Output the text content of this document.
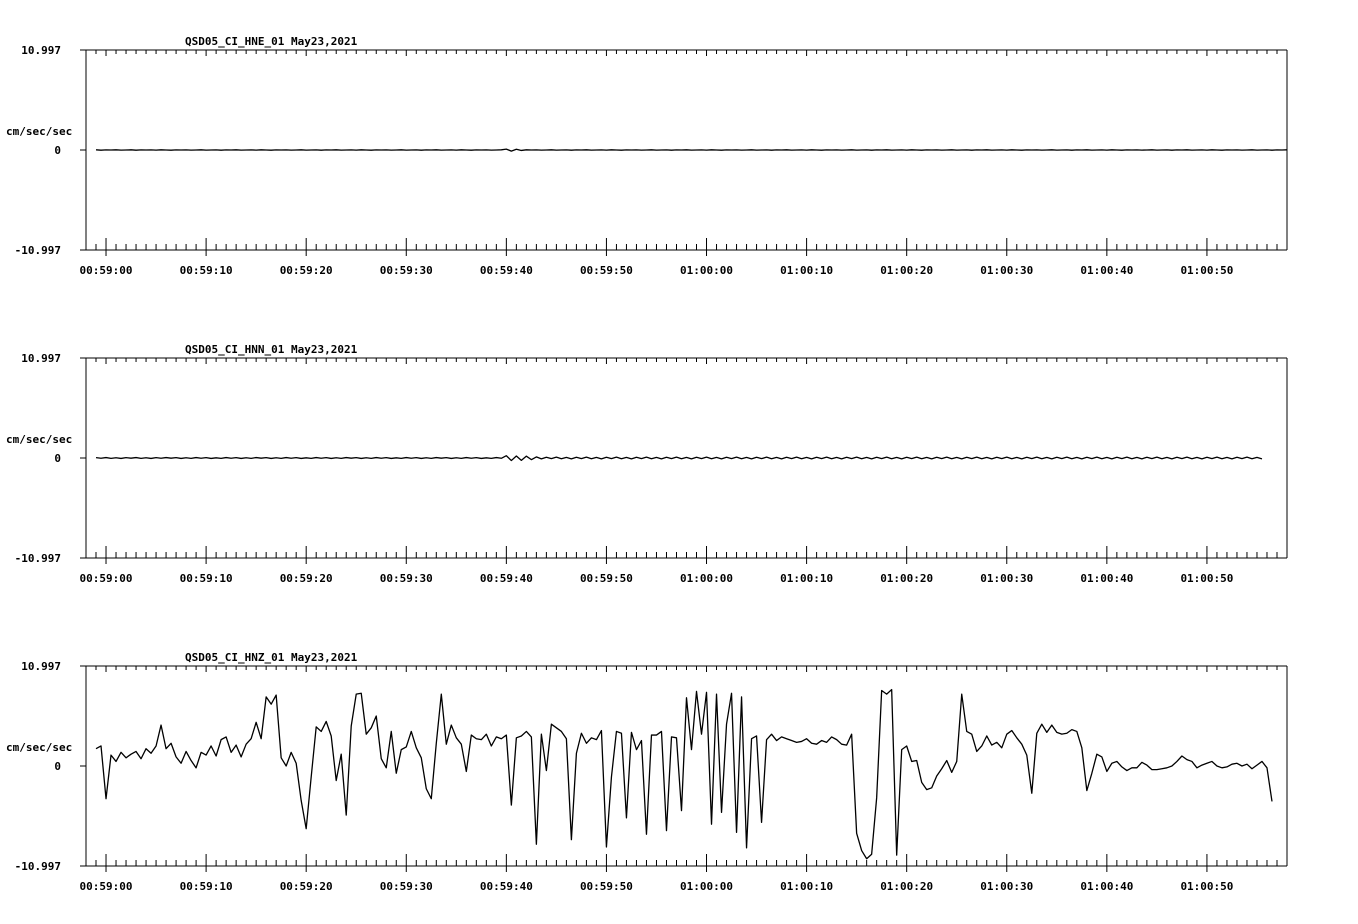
00:59:00	00:59:10	00:59:20	00:59:30	00:59:40	00:59:50	01:00:00	01:00:10	01:00:20	01:00:30	01:00:40	01:00:50
10.997
0
-10.997
cm/sec/sec
QSD05_CI_HNE_01 May23,2021
00:59:00	00:59:10	00:59:20	00:59:30	00:59:40	00:59:50	01:00:00	01:00:10	01:00:20	01:00:30	01:00:40	01:00:50
10.997
0
-10.997
cm/sec/sec
QSD05_CI_HNN_01 May23,2021
00:59:00	00:59:10	00:59:20	00:59:30	00:59:40	00:59:50	01:00:00	01:00:10	01:00:20	01:00:30	01:00:40	01:00:50
10.997
0
-10.997
cm/sec/sec
QSD05_CI_HNZ_01 May23,2021
